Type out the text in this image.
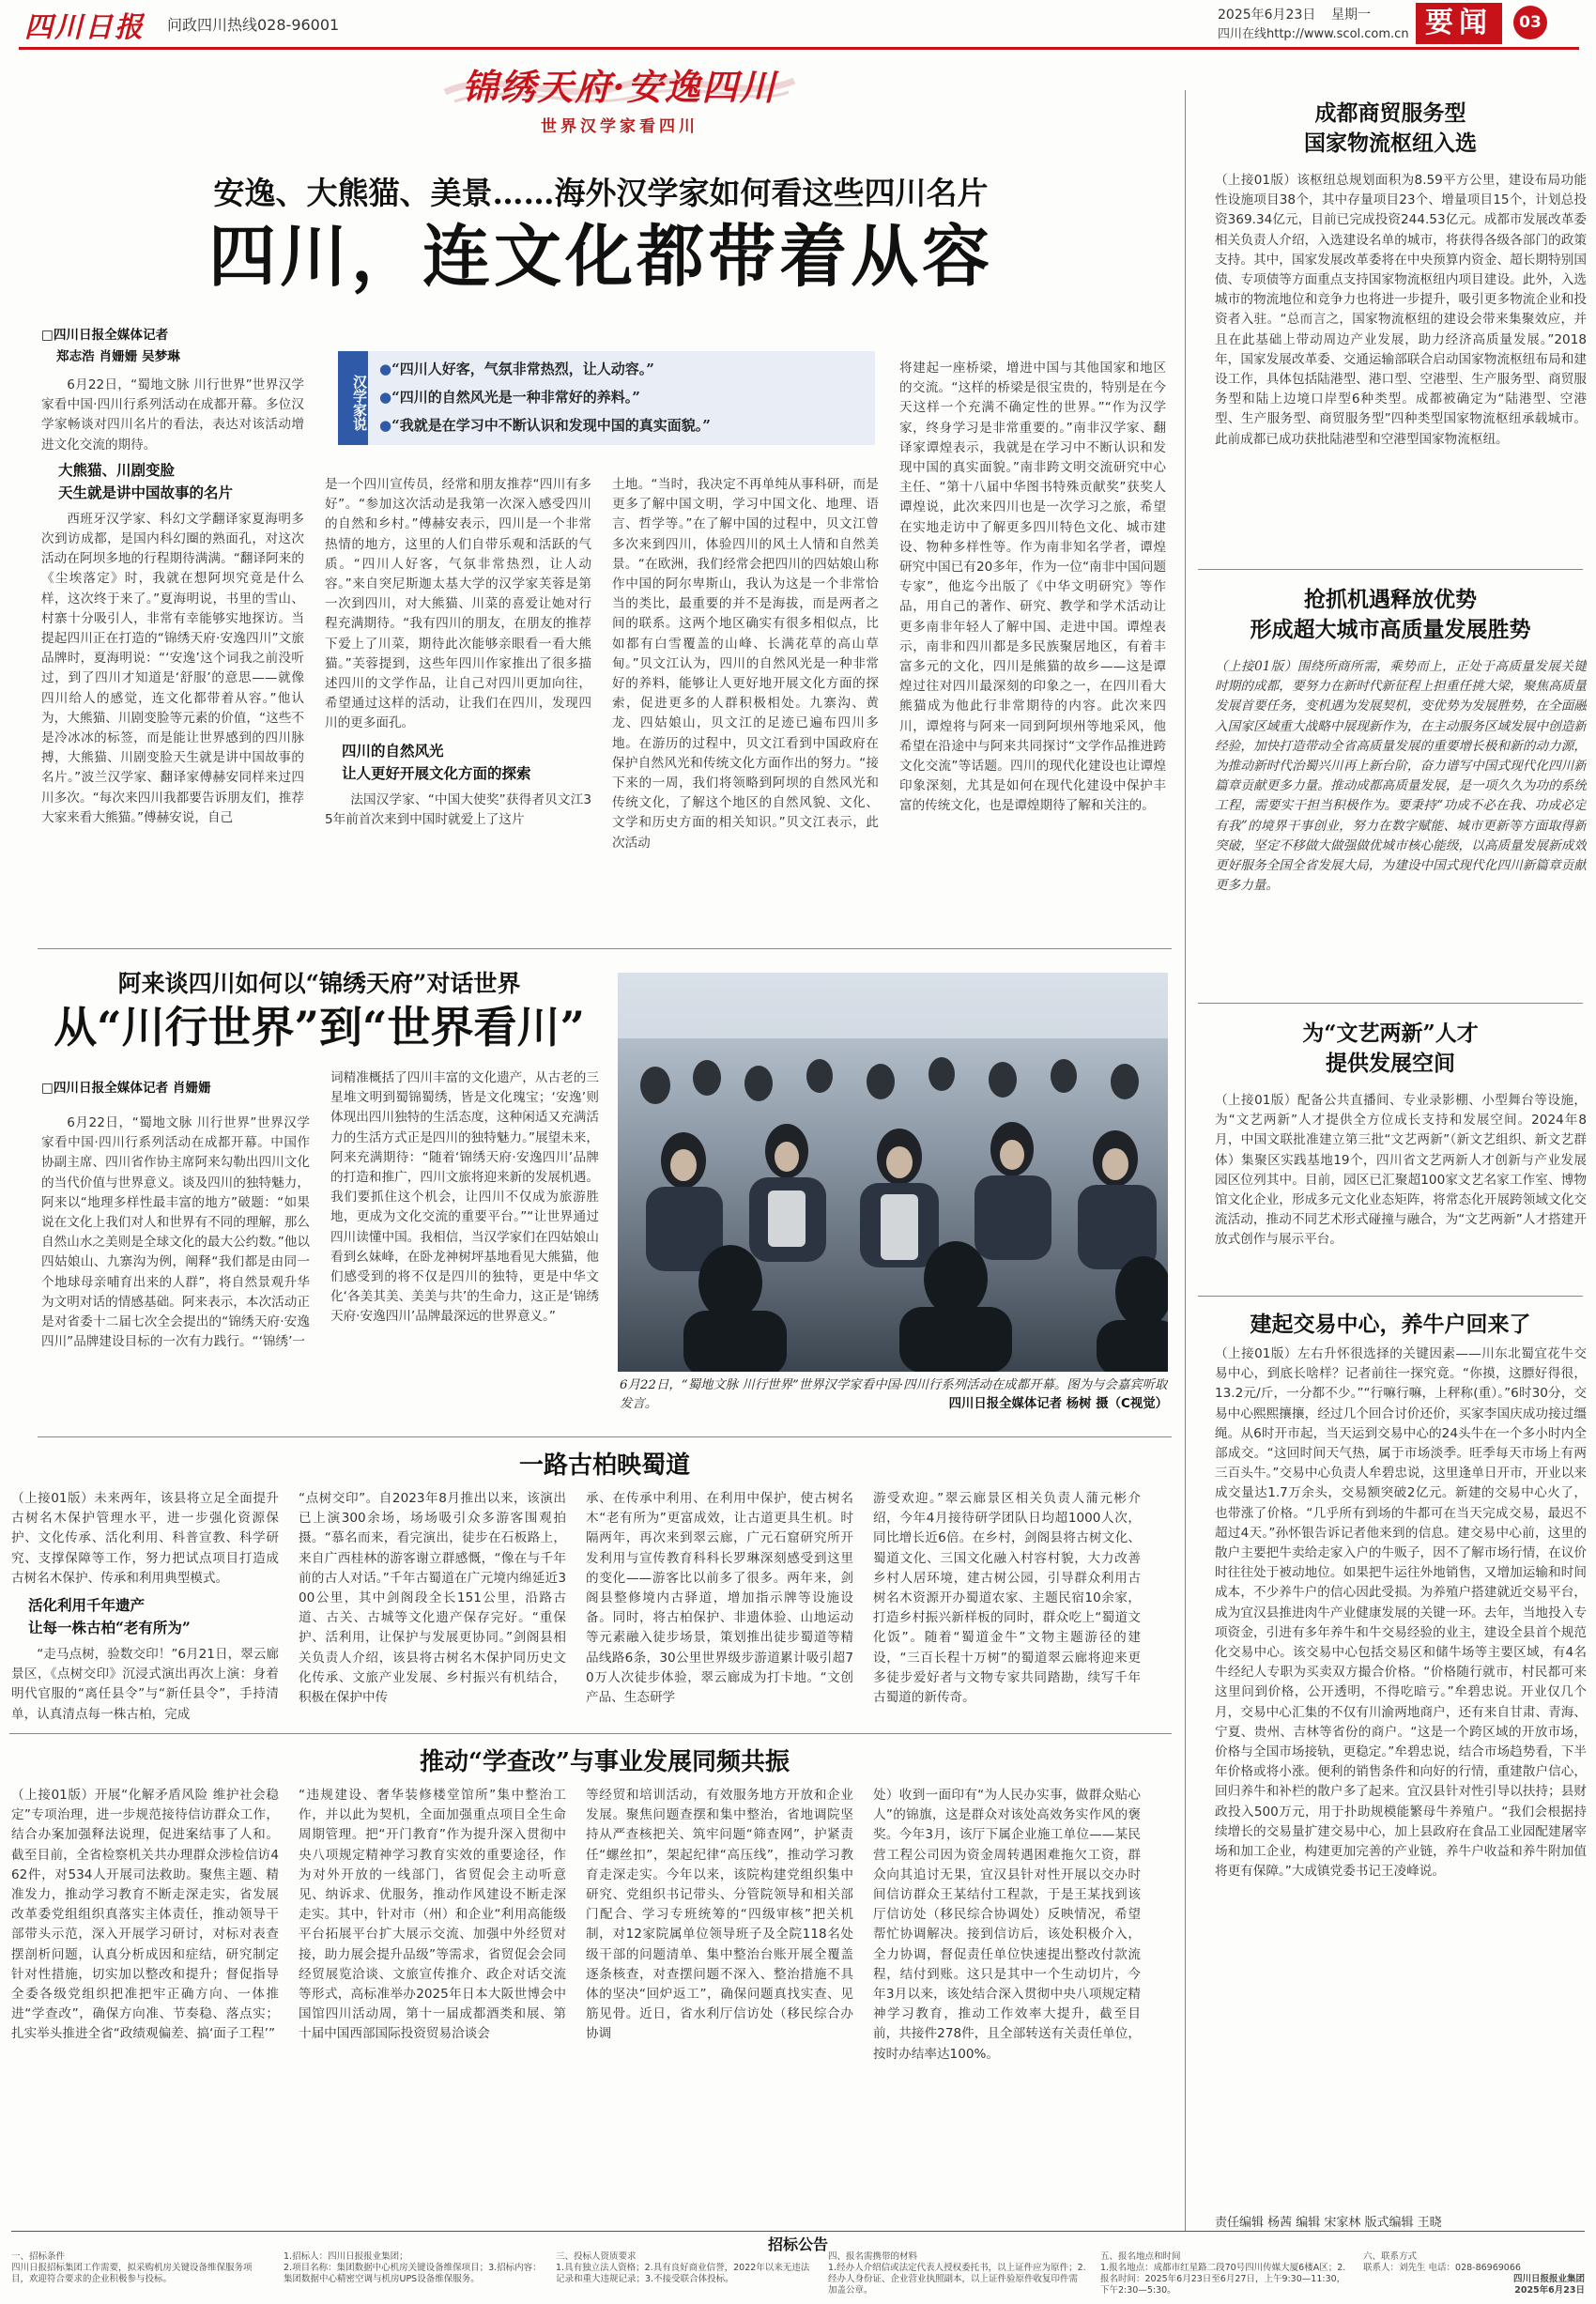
四川日报 问政四川热线028-96001
2025年6月23日 星期一
四川在线http://www.scol.com.cn 要闻	03
锦绣天府·安逸四川
世界汉学家看四川
安逸、大熊猫、美景……海外汉学家如何看这些四川名片
四川，连文化都带着从容
□四川日报全媒体记者
郑志浩 肖姗姗 吴梦琳
汉学家说
●“四川人好客，气氛非常热烈，让人动容。”
●“四川的自然风光是一种非常好的养料。”
●“我就是在学习中不断认识和发现中国的真实面貌。”

6月22日，“蜀地文脉 川行世界”世界汉学家看中国·四川行系列活动在成都开幕。多位汉学家畅谈对四川名片的看法，表达对该活动增进文化交流的期待。

大熊猫、川剧变脸
天生就是讲中国故事的名片

西班牙汉学家、科幻文学翻译家夏海明多次到访成都，是国内科幻圈的熟面孔，对这次活动在阿坝多地的行程期待满满。“翻译阿来的《尘埃落定》时，我就在想阿坝究竟是什么样，这次终于来了。”夏海明说，书里的雪山、村寨十分吸引人，非常有幸能够实地探访。当提起四川正在打造的“锦绣天府·安逸四川”文旅品牌时，夏海明说：“‘安逸’这个词我之前没听过，到了四川才知道是‘舒服’的意思——就像四川给人的感觉，连文化都带着从容。”他认为，大熊猫、川剧变脸等元素的价值，“这些不是冷冰冰的标签，而是能让世界感到的四川脉搏，大熊猫、川剧变脸天生就是讲中国故事的名片。”波兰汉学家、翻译家傅赫安同样来过四川多次。“每次来四川我都要告诉朋友们，推荐大家来看大熊猫。”傅赫安说，自己

是一个四川宣传员，经常和朋友推荐“四川有多好”。“参加这次活动是我第一次深入感受四川的自然和乡村。”傅赫安表示，四川是一个非常热情的地方，这里的人们自带乐观和活跃的气质。“四川人好客，气氛非常热烈，让人动容。”来自突尼斯迦太基大学的汉学家芙蓉是第一次到四川，对大熊猫、川菜的喜爱让她对行程充满期待。“我有四川的朋友，在朋友的推荐下爱上了川菜，期待此次能够亲眼看一看大熊猫。”芙蓉提到，这些年四川作家推出了很多描述四川的文学作品，让自己对四川更加向往，希望通过这样的活动，让我们在四川，发现四川的更多面孔。

四川的自然风光
让人更好开展文化方面的探索

法国汉学家、“中国大使奖”获得者贝文江35年前首次来到中国时就爱上了这片

土地。“当时，我决定不再单纯从事科研，而是更多了解中国文明，学习中国文化、地理、语言、哲学等。”在了解中国的过程中，贝文江曾多次来到四川，体验四川的风土人情和自然美景。“在欧洲，我们经常会把四川的四姑娘山称作中国的阿尔卑斯山，我认为这是一个非常恰当的类比，最重要的并不是海拔，而是两者之间的联系。这两个地区确实有很多相似点，比如都有白雪覆盖的山峰、长满花草的高山草甸。”贝文江认为，四川的自然风光是一种非常好的养料，能够让人更好地开展文化方面的探索，促进更多的人群积极相处。九寨沟、黄龙、四姑娘山，贝文江的足迹已遍布四川多地。在游历的过程中，贝文江看到中国政府在保护自然风光和传统文化方面作出的努力。“接下来的一周，我们将领略到阿坝的自然风光和传统文化，了解这个地区的自然风貌、文化、文学和历史方面的相关知识。”贝文江表示，此次活动

将建起一座桥梁，增进中国与其他国家和地区的交流。“这样的桥梁是很宝贵的，特别是在今天这样一个充满不确定性的世界。”“作为汉学家，终身学习是非常重要的。”南非汉学家、翻译家谭煌表示，我就是在学习中不断认识和发现中国的真实面貌。”南非跨文明交流研究中心主任、“第十八届中华图书特殊贡献奖”获奖人谭煌说，此次来四川也是一次学习之旅，希望在实地走访中了解更多四川特色文化、城市建设、物种多样性等。作为南非知名学者，谭煌研究中国已有20多年，作为一位“南非中国问题专家”，他迄今出版了《中华文明研究》等作品，用自己的著作、研究、教学和学术活动让更多南非年轻人了解中国、走进中国。谭煌表示，南非和四川都是多民族聚居地区，有着丰富多元的文化，四川是熊猫的故乡——这是谭煌过往对四川最深刻的印象之一，在四川看大熊猫成为他此行非常期待的内容。此次来四川，谭煌将与阿来一同到阿坝州等地采风，他希望在沿途中与阿来共同探讨“文学作品推进跨文化交流”等话题。四川的现代化建设也让谭煌印象深刻，尤其是如何在现代化建设中保护丰富的传统文化，也是谭煌期待了解和关注的。

阿来谈四川如何以“锦绣天府”对话世界
从“川行世界”到“世界看川”
□四川日报全媒体记者 肖姗姗

6月22日，“蜀地文脉 川行世界”世界汉学家看中国·四川行系列活动在成都开幕。中国作协副主席、四川省作协主席阿来勾勒出四川文化的当代价值与世界意义。谈及四川的独特魅力，阿来以“地理多样性最丰富的地方”破题：“如果说在文化上我们对人和世界有不同的理解，那么自然山水之美则是全球文化的最大公约数。”他以四姑娘山、九寨沟为例，阐释“我们都是由同一个地球母亲哺育出来的人群”，将自然景观升华为文明对话的情感基础。阿来表示，本次活动正是对省委十二届七次全会提出的“锦绣天府·安逸四川”品牌建设目标的一次有力践行。“‘锦绣’一

词精准概括了四川丰富的文化遗产，从古老的三星堆文明到蜀锦蜀绣，皆是文化瑰宝；‘安逸’则体现出四川独特的生活态度，这种闲适又充满活力的生活方式正是四川的独特魅力。”展望未来，阿来充满期待：“随着‘锦绣天府·安逸四川’品牌的打造和推广，四川文旅将迎来新的发展机遇。我们要抓住这个机会，让四川不仅成为旅游胜地，更成为文化交流的重要平台。”“让世界通过四川读懂中国。我相信，当汉学家们在四姑娘山看到幺妹峰，在卧龙神树坪基地看见大熊猫，他们感受到的将不仅是四川的独特，更是中华文化‘各美其美、美美与共’的生命力，这正是‘锦绣天府·安逸四川’品牌最深远的世界意义。”

6月22日，“蜀地文脉 川行世界”世界汉学家看中国·四川行系列活动在成都开幕。图为与会嘉宾听取发言。	四川日报全媒体记者 杨树 摄（C视觉）
一路古柏映蜀道

（上接01版）未来两年，该县将立足全面提升古树名木保护管理水平，进一步强化资源保护、文化传承、活化利用、科普宣教、科学研究、支撑保障等工作，努力把试点项目打造成古树名木保护、传承和利用典型模式。

活化利用千年遗产
让每一株古柏“老有所为”

“走马点树，验数交印！”6月21日，翠云廊景区，《点树交印》沉浸式演出再次上演：身着明代官服的“离任县令”与“新任县令”，手持清单，认真清点每一株古柏，完成

“点树交印”。自2023年8月推出以来，该演出已上演300余场，场场吸引众多游客围观拍摄。“慕名而来，看完演出，徒步在石板路上，来自广西桂林的游客谢立群感慨，“像在与千年前的古人对话。”千年古蜀道在广元境内绵延近300公里，其中剑阁段全长151公里，沿路古道、古关、古城等文化遗产保存完好。“重保护、活利用，让保护与发展更协同。”剑阁县相关负责人介绍，该县将古树名木保护同历史文化传承、文旅产业发展、乡村振兴有机结合，积极在保护中传

承、在传承中利用、在利用中保护，使古树名木“老有所为”更富成效，让古道更具生机。时隔两年，再次来到翠云廊，广元石窟研究所开发利用与宣传教育科科长罗琳深刻感受到这里的变化——游客比以前多了很多。两年来，剑阁县整修境内古驿道，增加指示牌等设施设备。同时，将古柏保护、非遗体验、山地运动等元素融入徒步场景，策划推出徒步蜀道等精品线路6条，30公里世界级步游道累计吸引超70万人次徒步体验，翠云廊成为打卡地。“文创产品、生态研学

游受欢迎。”翠云廊景区相关负责人蒲元彬介绍，今年4月接待研学团队日均超1000人次，同比增长近6倍。在乡村，剑阁县将古树文化、蜀道文化、三国文化融入村容村貌，大力改善乡村人居环境，建古树公园，引导群众利用古树名木资源开办蜀道农家、主题民宿10余家，打造乡村振兴新样板的同时，群众吃上“蜀道文化饭”。随着“蜀道金牛”文物主题游径的建设，“三百长程十万树”的蜀道翠云廊将迎来更多徒步爱好者与文物专家共同踏勘，续写千年古蜀道的新传奇。

推动“学查改”与事业发展同频共振

（上接01版）开展“化解矛盾风险 维护社会稳定”专项治理，进一步规范接待信访群众工作，结合办案加强释法说理，促进案结事了人和。截至目前，全省检察机关共办理群众涉检信访462件，对534人开展司法救助。聚焦主题、精准发力，推动学习教育不断走深走实，省发展改革委党组组织真落实主体责任，推动领导干部带头示范，深入开展学习研讨，对标对表查摆剖析问题，认真分析成因和症结，研究制定针对性措施，切实加以整改和提升；督促指导全委各级党组织把准把牢正确方向、一体推进“学查改”，确保方向准、节奏稳、落点实；扎实举头推进全省“政绩观偏差、搞‘面子工程’”

“违规建设、奢华装修楼堂馆所”集中整治工作，并以此为契机，全面加强重点项目全生命周期管理。把“开门教育”作为提升深入贯彻中央八项规定精神学习教育实效的重要途径，作为对外开放的一线部门，省贸促会主动听意见、纳诉求、优服务，推动作风建设不断走深走实。其中，针对市（州）和企业“利用高能级平台拓展平台扩大展示交流、加强中外经贸对接，助力展会提升品级”等需求，省贸促会会同经贸展览洽谈、文旅宣传推介、政企对话交流等形式，高标准举办2025年日本大阪世博会中国馆四川活动周，第十一届成都酒类和展、第十届中国西部国际投资贸易洽谈会

等经贸和培训活动，有效服务地方开放和企业发展。聚焦问题查摆和集中整治，省地调院坚持从严查核把关、筑牢问题“筛查网”，护紧责任“螺丝扣”，架起纪律“高压线”，推动学习教育走深走实。今年以来，该院构建党组织集中研究、党组织书记带头、分管院领导和相关部门配合、学习专班统筹的“四级审核”把关机制，对12家院属单位领导班子及全院118名处级干部的问题清单、集中整治台账开展全覆盖逐条核查，对查摆问题不深入、整治措施不具体的坚决“回炉返工”，确保问题真找实查、见筋见骨。近日，省水利厅信访处（移民综合办协调

处）收到一面印有“为人民办实事，做群众贴心人”的锦旗，这是群众对该处高效务实作风的褒奖。今年3月，该厅下属企业施工单位——某民营工程公司因为资金周转遇困难拖欠工资，群众向其追讨无果，宜汉县针对性开展以交办时间信访群众王某结付工程款，于是王某找到该厅信访处（移民综合协调处）反映情况，希望帮忙协调解决。接到信访后，该处积极介入，全力协调，督促责任单位快速提出整改付款流程，结付到账。这只是其中一个生动切片，今年3月以来，该处结合深入贯彻中央八项规定精神学习教育，推动工作效率大提升，截至目前，共接件278件，且全部转送有关责任单位，按时办结率达100%。

成都商贸服务型
国家物流枢纽入选

（上接01版）该枢纽总规划面积为8.59平方公里，建设布局功能性设施项目38个，其中存量项目23个、增量项目15个，计划总投资369.34亿元，目前已完成投资244.53亿元。成都市发展改革委相关负责人介绍，入选建设名单的城市，将获得各级各部门的政策支持。其中，国家发展改革委将在中央预算内资金、超长期特别国债、专项债等方面重点支持国家物流枢纽内项目建设。此外，入选城市的物流地位和竞争力也将进一步提升，吸引更多物流企业和投资者入驻。“总而言之，国家物流枢纽的建设会带来集聚效应，并且在此基础上带动周边产业发展，助力经济高质量发展。”2018年，国家发展改革委、交通运输部联合启动国家物流枢纽布局和建设工作，具体包括陆港型、港口型、空港型、生产服务型、商贸服务型和陆上边境口岸型6种类型。成都被确定为“陆港型、空港型、生产服务型、商贸服务型”四种类型国家物流枢纽承载城市。此前成都已成功获批陆港型和空港型国家物流枢纽。

抢抓机遇释放优势
形成超大城市高质量发展胜势

（上接01版）围绕所商所需，乘势而上，正处于高质量发展关键时期的成都，要努力在新时代新征程上担重任挑大梁，聚焦高质量发展首要任务，变机遇为发展契机，变优势为发展胜势，在全面融入国家区域重大战略中展现新作为，在主动服务区域发展中创造新经验，加快打造带动全省高质量发展的重要增长极和新的动力源，为推动新时代治蜀兴川再上新台阶，奋力谱写中国式现代化四川新篇章贡献更多力量。推动成都高质量发展，是一项久久为功的系统工程，需要实干担当积极作为。要秉持“功成不必在我、功成必定有我”的境界干事创业，努力在数字赋能、城市更新等方面取得新突破，坚定不移做大做强做优城市核心能级，以高质量发展新成效更好服务全国全省发展大局，为建设中国式现代化四川新篇章贡献更多力量。

为“文艺两新”人才
提供发展空间

（上接01版）配备公共直播间、专业录影棚、小型舞台等设施，为“文艺两新”人才提供全方位成长支持和发展空间。2024年8月，中国文联批准建立第三批“文艺两新”（新文艺组织、新文艺群体）集聚区实践基地19个，四川省文艺两新人才创新与产业发展园区位列其中。目前，园区已汇聚超100家文艺名家工作室、博物馆文化企业，形成多元文化业态矩阵，将常态化开展跨领域文化交流活动，推动不同艺术形式碰撞与融合，为“文艺两新”人才搭建开放式创作与展示平台。

建起交易中心，养牛户回来了

（上接01版）左右升怀很选择的关键因素——川东北蜀宜花牛交易中心，到底长啥样？记者前往一探究竟。“你摸，这膘好得很，13.2元/斤，一分都不少。”“行嘛行嘛，上秤称(重）。”6时30分，交易中心熙熙攘攘，经过几个回合讨价还价，买家李国庆成功接过缰绳。从6时开市起，当天运到交易中心的24头牛在一个多小时内全部成交。“这回时间天气热，属于市场淡季。旺季每天市场上有两三百头牛。”交易中心负责人牟碧忠说，这里逢单日开市，开业以来成交量达1.7万余头，交易额突破2亿元。新建的交易中心火了，也带涨了价格。“几乎所有到场的牛都可在当天完成交易，最迟不超过4天。”孙怀银告诉记者他来到的信息。建交易中心前，这里的散户主要把牛卖给走家入户的牛贩子，因不了解市场行情，在议价时往往处于被动地位。如果把牛运往外地销售，又增加运输和时间成本，不少养牛户的信心因此受损。为养殖户搭建就近交易平台，成为宜汉县推进肉牛产业健康发展的关键一环。去年，当地投入专项资金，引进有多年养牛和牛交易经验的业主，建设全县首个规范化交易中心。该交易中心包括交易区和储牛场等主要区域，有4名牛经纪人专职为买卖双方撮合价格。“价格随行就市，村民都可来这里问到价格，公开透明，不得吃暗亏。”牟碧忠说。开业仅几个月，交易中心汇集的不仅有川渝两地商户，还有来自甘肃、青海、宁夏、贵州、吉林等省份的商户。“这是一个跨区域的开放市场，价格与全国市场接轨，更稳定。”牟碧忠说，结合市场趋势看，下半年价格或将小涨。便利的销售条件和向好的行情，重建散户信心，回归养牛和补栏的散户多了起来。宜汉县针对性引导以扶持；县财政投入500万元，用于扑助规模能繁母牛养殖户。“我们会根据持续增长的交易量扩建交易中心，加上县政府在食品工业园配建屠宰场和加工企业，构建更加完善的产业链，养牛户收益和养牛附加值将更有保障。”大成镇党委书记王凌峰说。

责任编辑 杨茜 编辑 宋家林 版式编辑 王晓
招标公告
一、招标条件
四川日报招标集团工作需要，拟采购机房关键设备维保服务项目，欢迎符合要求的企业积极参与投标。
1.招标人：四川日报报业集团；
2.项目名称：集团数据中心机房关键设备维保项目；3.招标内容：集团数据中心精密空调与机房UPS设备维保服务。
三、投标人资质要求
1.具有独立法人资格；2.具有良好商业信誉，2022年以来无违法记录和重大违规记录；3.不接受联合体投标。
四、报名需携带的材料
1.经办人介绍信或法定代表人授权委托书，以上证件应为原件；2.经办人身份证、企业营业执照副本，以上证件验原件收复印件需加盖公章。
五、报名地点和时间
1.报名地点：成都市红星路二段70号四川传媒大厦6楼A区；2.报名时间：2025年6月23日至6月27日，上午9:30—11:30，下午2:30—5:30。
六、联系方式
联系人：刘先生 电话：028-86969066
四川日报报业集团
2025年6月23日
